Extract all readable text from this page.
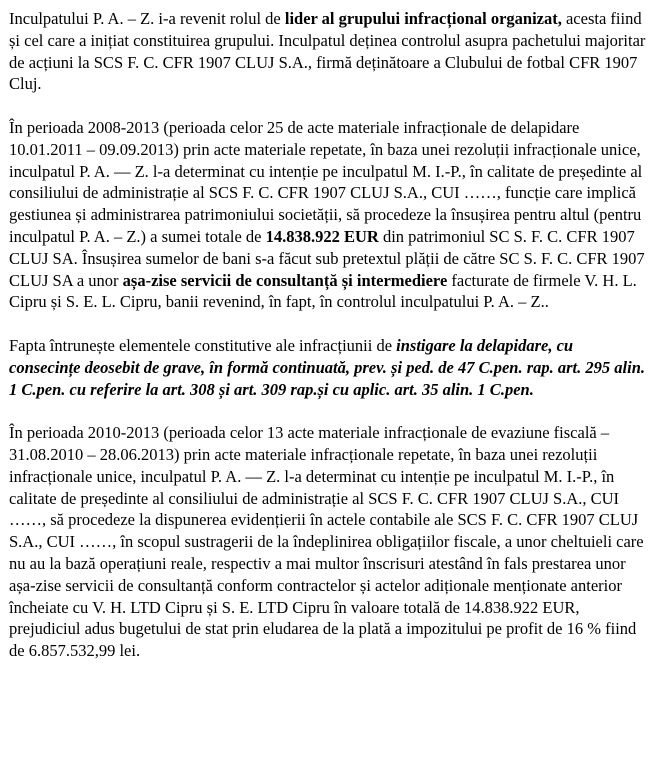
Inculpatului P. A. – Z. i-a revenit rolul de lider al grupului infracțional organizat, acesta fiind și cel care a inițiat constituirea grupului. Inculpatul deținea controlul asupra pachetului majoritar de acțiuni la SCS F. C. CFR 1907 CLUJ S.A., firmă deținătoare a Clubului de fotbal CFR 1907 Cluj.

În perioada 2008-2013 (perioada celor 25 de acte materiale infracționale de delapidare 10.01.2011 – 09.09.2013) prin acte materiale repetate, în baza unei rezoluții infracționale unice, inculpatul P. A. — Z. l-a determinat cu intenție pe inculpatul M. I.-P., în calitate de președinte al consiliului de administrație al SCS F. C. CFR 1907 CLUJ S.A., CUI ……, funcție care implică gestiunea și administrarea patrimoniului societății, să procedeze la însușirea pentru altul (pentru inculpatul P. A. – Z.) a sumei totale de 14.838.922 EUR din patrimoniul SC S. F. C. CFR 1907 CLUJ SA. Însușirea sumelor de bani s-a făcut sub pretextul plății de către SC S. F. C. CFR 1907 CLUJ SA a unor așa-zise servicii de consultanță și intermediere facturate de firmele V. H. L. Cipru și S. E. L. Cipru, banii revenind, în fapt, în controlul inculpatului P. A. – Z..

Fapta întrunește elementele constitutive ale infracțiunii de instigare la delapidare, cu consecințe deosebit de grave, în formă continuată, prev. și ped. de 47 C.pen. rap. art. 295 alin. 1 C.pen. cu referire la art. 308 și art. 309 rap.și cu aplic. art. 35 alin. 1 C.pen.

În perioada 2010-2013 (perioada celor 13 acte materiale infracționale de evaziune fiscală – 31.08.2010 – 28.06.2013) prin acte materiale infracționale repetate, în baza unei rezoluții infracționale unice, inculpatul P. A. — Z. l-a determinat cu intenție pe inculpatul M. I.-P., în calitate de președinte al consiliului de administrație al SCS F. C. CFR 1907 CLUJ S.A., CUI ……, să procedeze la dispunerea evidențierii în actele contabile ale SCS F. C. CFR 1907 CLUJ S.A., CUI ……, în scopul sustragerii de la îndeplinirea obligațiilor fiscale, a unor cheltuieli care nu au la bază operațiuni reale, respectiv a mai multor înscrisuri atestând în fals prestarea unor așa-zise servicii de consultanță conform contractelor și actelor adiționale menționate anterior încheiate cu V. H. LTD Cipru și S. E. LTD Cipru în valoare totală de 14.838.922 EUR, prejudiciul adus bugetului de stat prin eludarea de la plată a impozitului pe profit de 16 % fiind de 6.857.532,99 lei.
